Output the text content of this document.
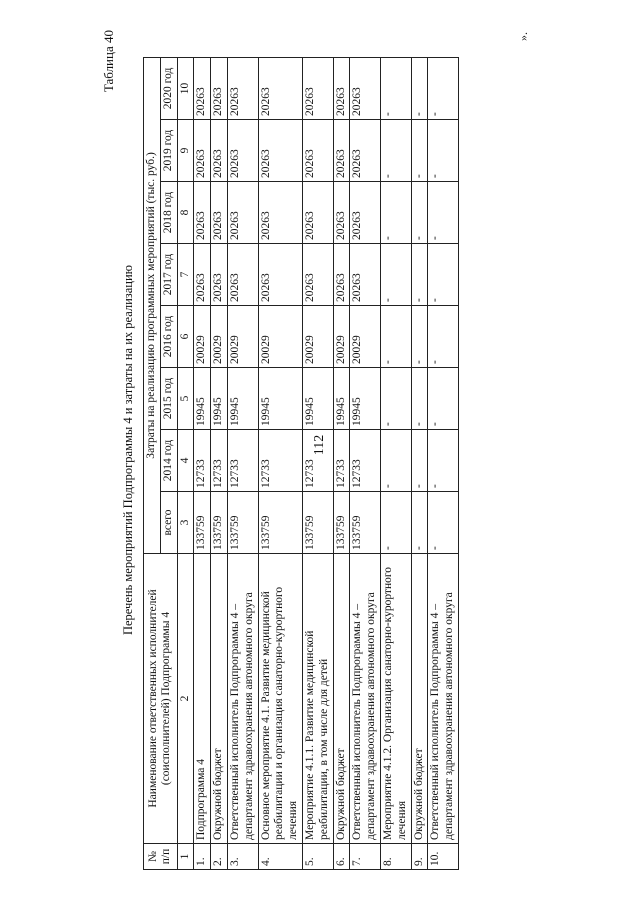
112
Таблица 40
Перечень мероприятий Подпрограммы 4 и затраты на их реализацию
№ п/п	Наименование ответственных исполнителей (соисполнителей) Подпрограммы 4	Затраты на реализацию программных мероприятий (тыс. руб.)							
		всего	2014 год	2015 год	2016 год	2017 год	2018 год	2019 год	2020 год
1	2	3	4	5	6	7	8	9	10
1.	Подпрограмма 4	133759	12733	19945	20029	20263	20263	20263	20263
2.	Окружной бюджет	133759	12733	19945	20029	20263	20263	20263	20263
3.	Ответственный исполнитель Подпрограммы 4 – департамент здравоохранения автономного округа	133759	12733	19945	20029	20263	20263	20263	20263
4.	Основное мероприятие 4.1. Развитие медицинской реабилитации и организация санаторно-курортного лечения	133759	12733	19945	20029	20263	20263	20263	20263
5.	Мероприятие 4.1.1. Развитие медицинской реабилитации, в том числе для детей	133759	12733	19945	20029	20263	20263	20263	20263
6.	Окружной бюджет	133759	12733	19945	20029	20263	20263	20263	20263
7.	Ответственный исполнитель Подпрограммы 4 – департамент здравоохранения автономного округа	133759	12733	19945	20029	20263	20263	20263	20263
8.	Мероприятие 4.1.2. Организация санаторно-курортного лечения	-	-	-	-	-	-	-	-
9.	Окружной бюджет	-	-	-	-	-	-	-	-
10.	Ответственный исполнитель Подпрограммы 4 – департамент здравоохранения автономного округа	-	-	-	-	-	-	-	-
».
